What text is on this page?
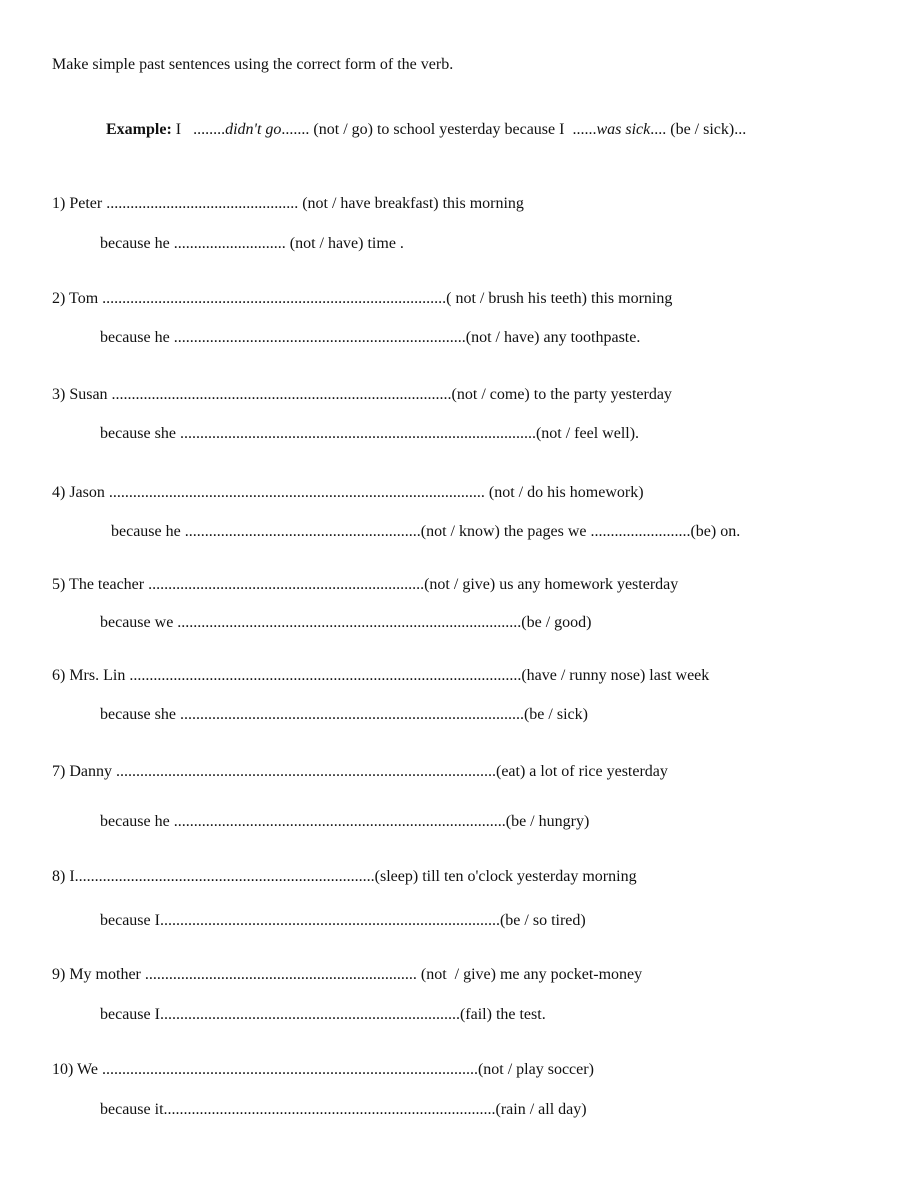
Make simple past sentences using the correct form of the verb.

Example: I   ........didn't go....... (not / go) to school yesterday because I  ......was sick.... (be / sick)...

1) Peter ................................................ (not / have breakfast) this morning

because he ............................ (not / have) time .

2) Tom ......................................................................................( not / brush his teeth) this morning

because he .........................................................................(not / have) any toothpaste.

3) Susan .....................................................................................(not / come) to the party yesterday

because she .........................................................................................(not / feel well).

4) Jason .............................................................................................. (not / do his homework)

because he ...........................................................(not / know) the pages we .........................(be) on.

5) The teacher .....................................................................(not / give) us any homework yesterday

because we ......................................................................................(be / good)

6) Mrs. Lin ..................................................................................................(have / runny nose) last week

because she ......................................................................................(be / sick)

7) Danny ...............................................................................................(eat) a lot of rice yesterday

because he ...................................................................................(be / hungry)

8) I...........................................................................(sleep) till ten o'clock yesterday morning

because I.....................................................................................(be / so tired)

9) My mother .................................................................... (not  / give) me any pocket-money

because I...........................................................................(fail) the test.

10) We ..............................................................................................(not / play soccer)

because it...................................................................................(rain / all day)
